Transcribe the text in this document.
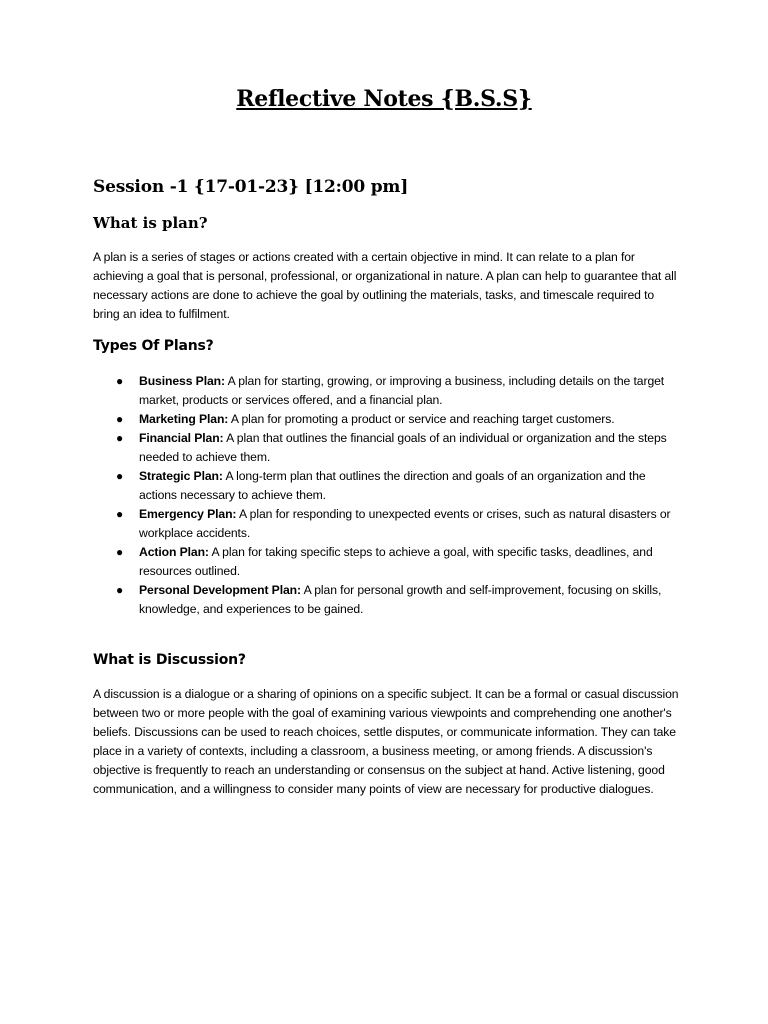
Reflective Notes {B.S.S}
Session -1 {17-01-23} [12:00 pm]
What is plan?

A plan is a series of stages or actions created with a certain objective in mind. It can relate to a plan for achieving a goal that is personal, professional, or organizational in nature. A plan can help to guarantee that all necessary actions are done to achieve the goal by outlining the materials, tasks, and timescale required to bring an idea to fulfilment.

Types Of Plans?
● Business Plan: A plan for starting, growing, or improving a business, including details on the target market, products or services offered, and a financial plan.
● Marketing Plan: A plan for promoting a product or service and reaching target customers.
● Financial Plan: A plan that outlines the financial goals of an individual or organization and the steps needed to achieve them.
● Strategic Plan: A long-term plan that outlines the direction and goals of an organization and the actions necessary to achieve them.
● Emergency Plan: A plan for responding to unexpected events or crises, such as natural disasters or workplace accidents.
● Action Plan: A plan for taking specific steps to achieve a goal, with specific tasks, deadlines, and resources outlined.
● Personal Development Plan: A plan for personal growth and self-improvement, focusing on skills, knowledge, and experiences to be gained.
What is Discussion?

A discussion is a dialogue or a sharing of opinions on a specific subject. It can be a formal or casual discussion between two or more people with the goal of examining various viewpoints and comprehending one another's beliefs. Discussions can be used to reach choices, settle disputes, or communicate information. They can take place in a variety of contexts, including a classroom, a business meeting, or among friends. A discussion's objective is frequently to reach an understanding or consensus on the subject at hand. Active listening, good communication, and a willingness to consider many points of view are necessary for productive dialogues.
